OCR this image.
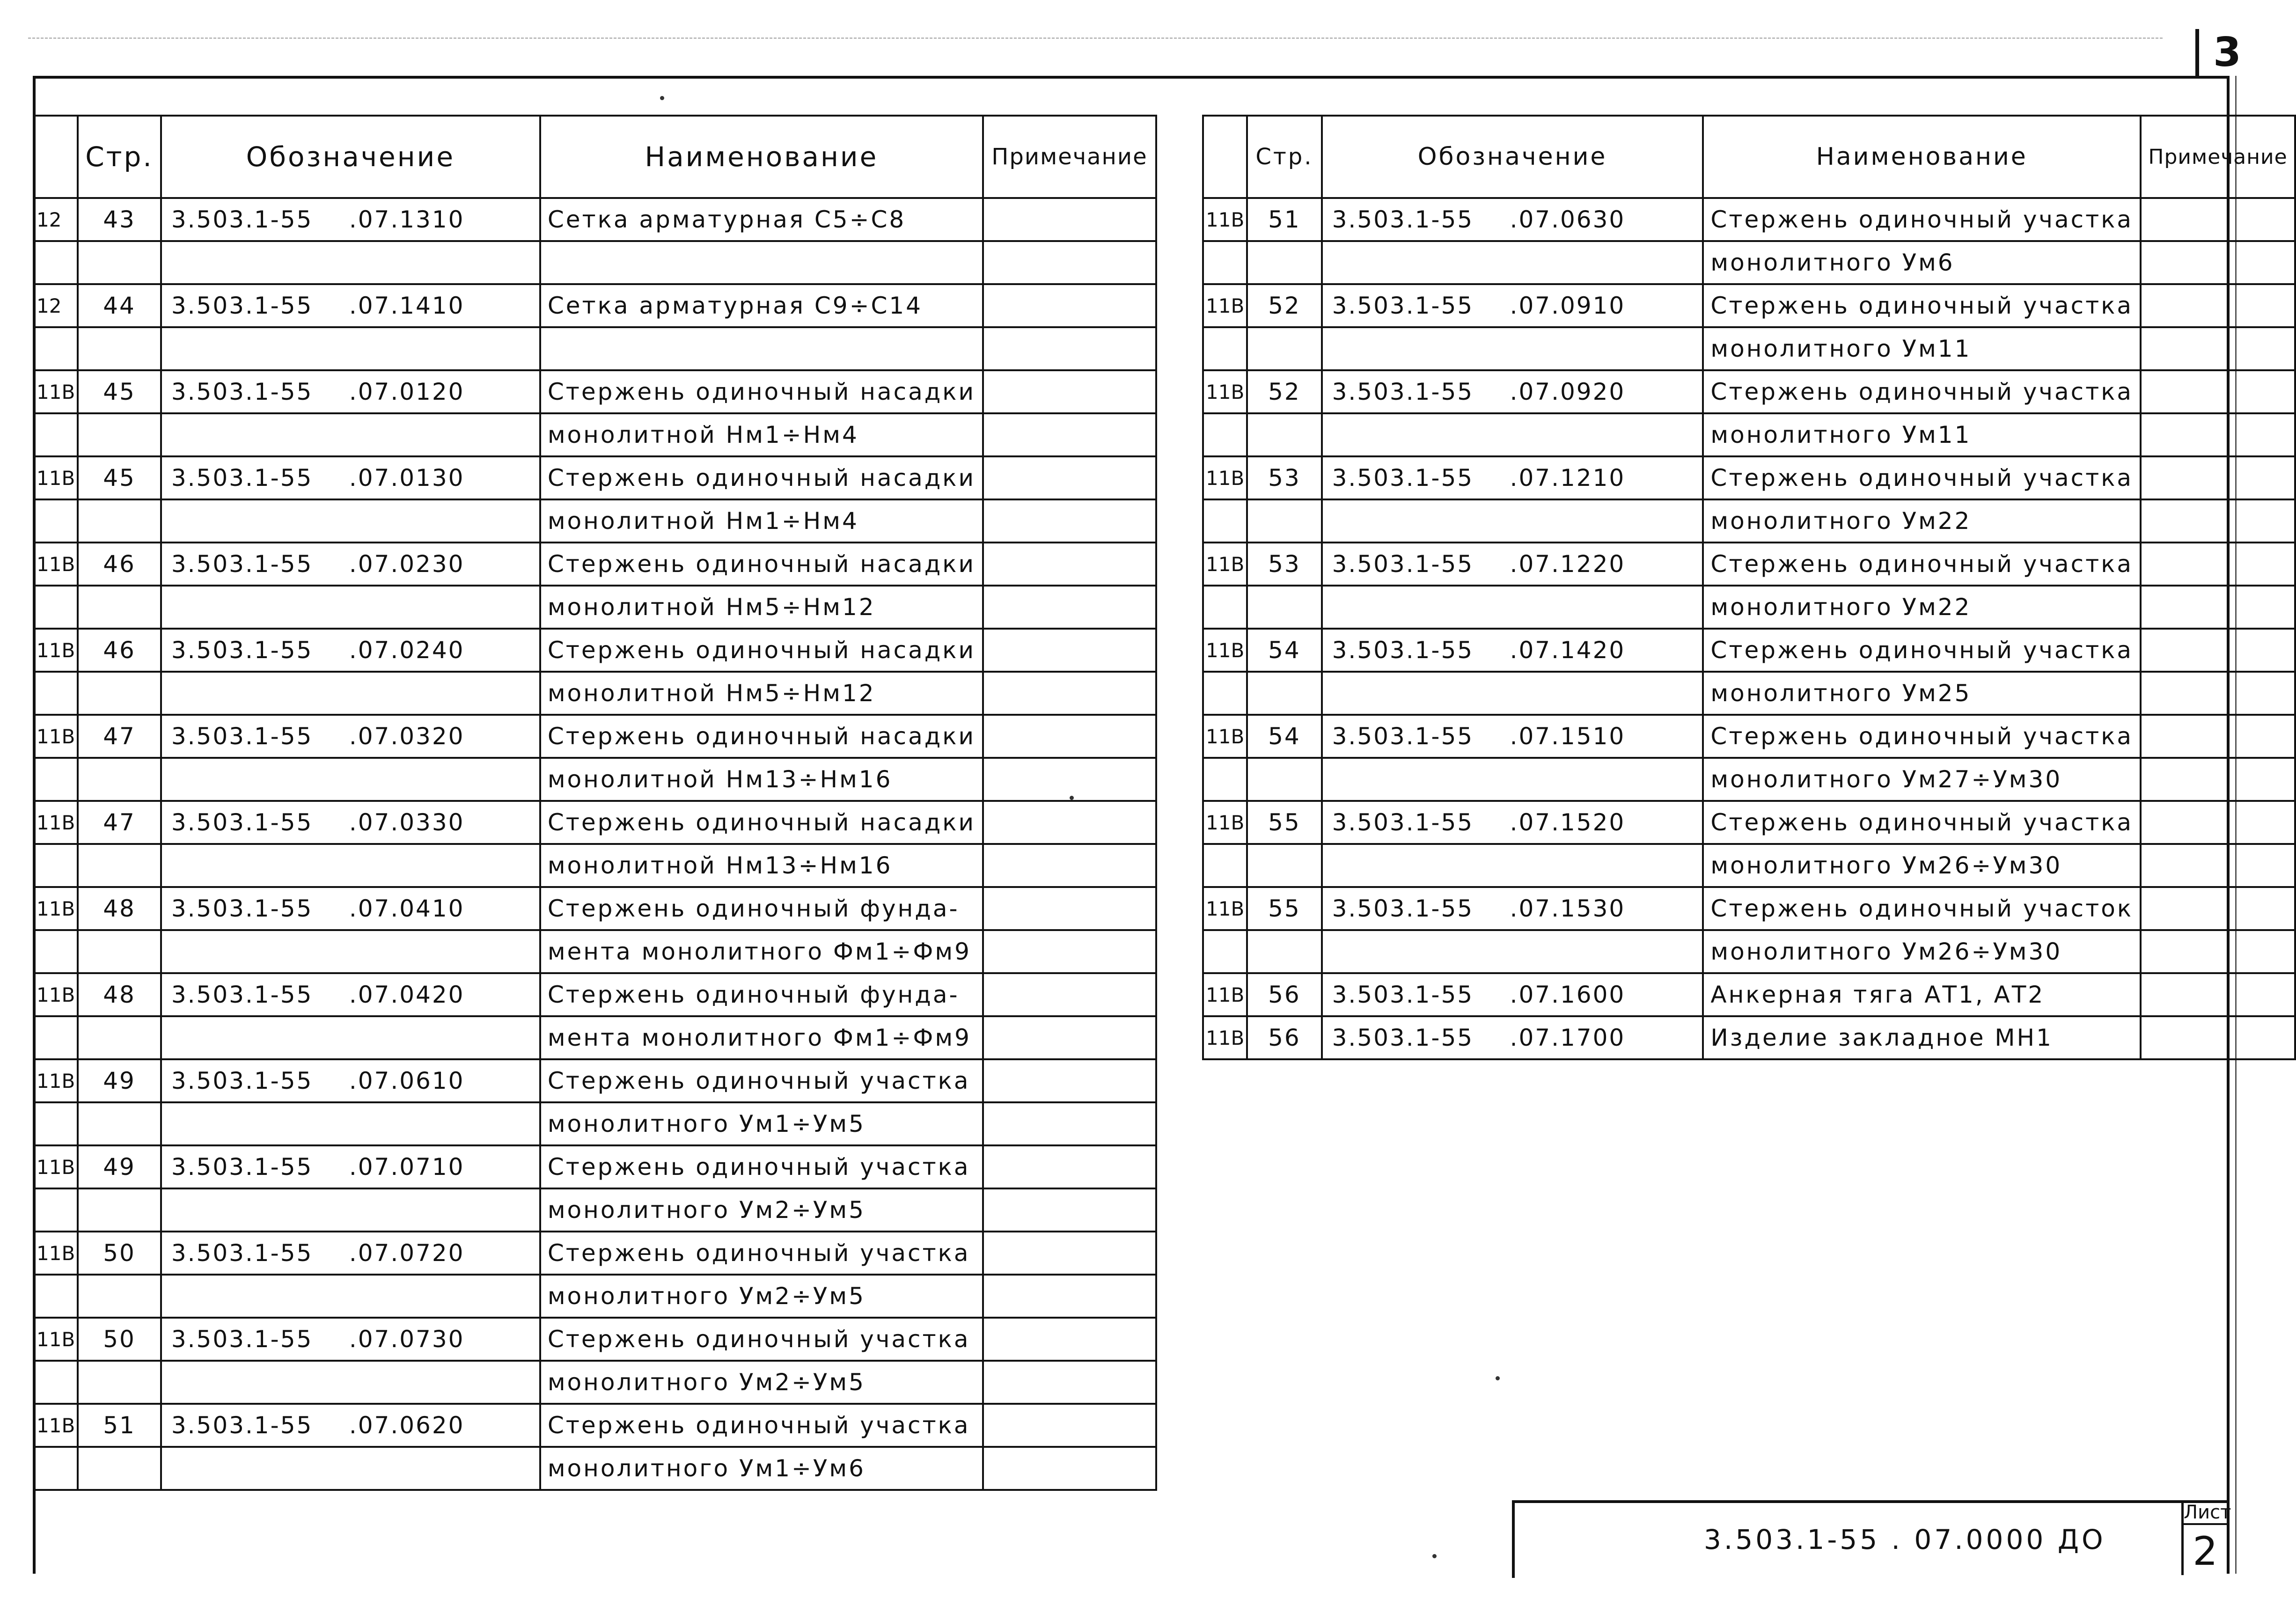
3
	Стр.	Обозначение	Наименование	Примечание
12	43	3.503.1-55 .07.1310	Сетка арматурная С5÷С8	

12	44	3.503.1-55 .07.1410	Сетка арматурная С9÷С14	

11В	45	3.503.1-55 .07.0120	Стержень одиночный насадки	
			монолитной Нм1÷Нм4	
11В	45	3.503.1-55 .07.0130	Стержень одиночный насадки	
			монолитной Нм1÷Нм4	
11В	46	3.503.1-55 .07.0230	Стержень одиночный насадки	
			монолитной Нм5÷Нм12	
11В	46	3.503.1-55 .07.0240	Стержень одиночный насадки	
			монолитной Нм5÷Нм12	
11В	47	3.503.1-55 .07.0320	Стержень одиночный насадки	
			монолитной Нм13÷Нм16	
11В	47	3.503.1-55 .07.0330	Стержень одиночный насадки	
			монолитной Нм13÷Нм16	
11В	48	3.503.1-55 .07.0410	Стержень одиночный фунда-	
			мента монолитного Фм1÷Фм9	
11В	48	3.503.1-55 .07.0420	Стержень одиночный фунда-	
			мента монолитного Фм1÷Фм9	
11В	49	3.503.1-55 .07.0610	Стержень одиночный участка	
			монолитного Ум1÷Ум5	
11В	49	3.503.1-55 .07.0710	Стержень одиночный участка	
			монолитного Ум2÷Ум5	
11В	50	3.503.1-55 .07.0720	Стержень одиночный участка	
			монолитного Ум2÷Ум5	
11В	50	3.503.1-55 .07.0730	Стержень одиночный участка	
			монолитного Ум2÷Ум5	
11В	51	3.503.1-55 .07.0620	Стержень одиночный участка	
			монолитного Ум1÷Ум6	
	Стр.	Обозначение	Наименование	Примечание
11В	51	3.503.1-55 .07.0630	Стержень одиночный участка	
			монолитного Ум6	
11В	52	3.503.1-55 .07.0910	Стержень одиночный участка	
			монолитного Ум11	
11В	52	3.503.1-55 .07.0920	Стержень одиночный участка	
			монолитного Ум11	
11В	53	3.503.1-55 .07.1210	Стержень одиночный участка	
			монолитного Ум22	
11В	53	3.503.1-55 .07.1220	Стержень одиночный участка	
			монолитного Ум22	
11В	54	3.503.1-55 .07.1420	Стержень одиночный участка	
			монолитного Ум25	
11В	54	3.503.1-55 .07.1510	Стержень одиночный участка	
			монолитного Ум27÷Ум30	
11В	55	3.503.1-55 .07.1520	Стержень одиночный участка	
			монолитного Ум26÷Ум30	
11В	55	3.503.1-55 .07.1530	Стержень одиночный участок	
			монолитного Ум26÷Ум30	
11В	56	3.503.1-55 .07.1600	Анкерная тяга АТ1, АТ2	
11В	56	3.503.1-55 .07.1700	Изделие закладное МН1	
3.503.1-55 . 07.0000 ДО
Лист
2
